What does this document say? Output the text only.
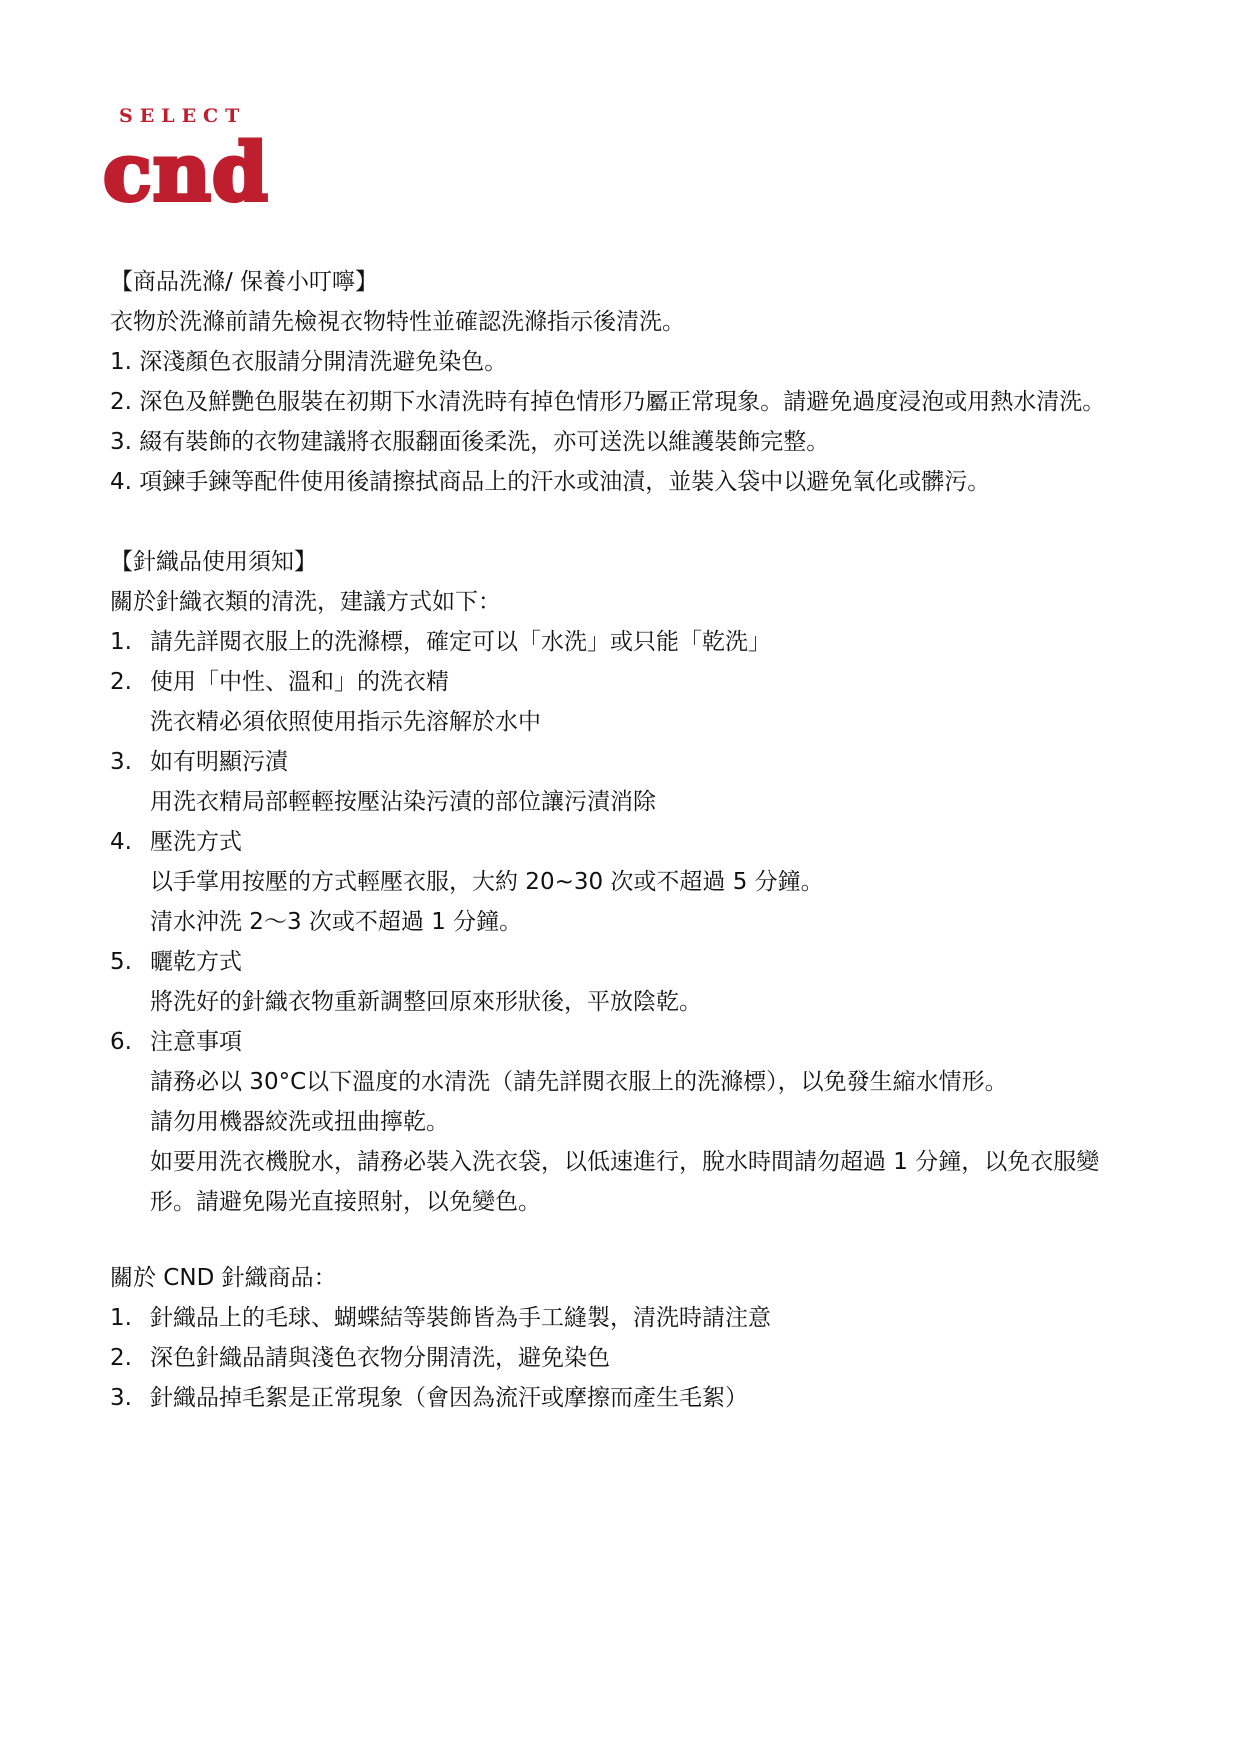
SELECT
cnd

【商品洗滌/ 保養小叮嚀】

衣物於洗滌前請先檢視衣物特性並確認洗滌指示後清洗。

1. 深淺顏色衣服請分開清洗避免染色。

2. 深色及鮮艷色服裝在初期下水清洗時有掉色情形乃屬正常現象。請避免過度浸泡或用熱水清洗。

3. 綴有裝飾的衣物建議將衣服翻面後柔洗，亦可送洗以維護裝飾完整。

4. 項鍊手鍊等配件使用後請擦拭商品上的汗水或油漬，並裝入袋中以避免氧化或髒污。

【針織品使用須知】

關於針織衣類的清洗，建議方式如下：

1. 請先詳閱衣服上的洗滌標，確定可以「水洗」或只能「乾洗」
2. 使用「中性、溫和」的洗衣精
洗衣精必須依照使用指示先溶解於水中
3. 如有明顯污漬
用洗衣精局部輕輕按壓沾染污漬的部位讓污漬消除
4. 壓洗方式
以手掌用按壓的方式輕壓衣服，大約 20~30 次或不超過 5 分鐘。
清水沖洗 2～3 次或不超過 1 分鐘。
5. 曬乾方式
將洗好的針織衣物重新調整回原來形狀後，平放陰乾。
6. 注意事項
請務必以 30°C以下溫度的水清洗（請先詳閱衣服上的洗滌標），以免發生縮水情形。
請勿用機器絞洗或扭曲擰乾。
如要用洗衣機脫水，請務必裝入洗衣袋，以低速進行，脫水時間請勿超過 1 分鐘，以免衣服變形。請避免陽光直接照射，以免變色。

關於 CND 針織商品：

1. 針織品上的毛球、蝴蝶結等裝飾皆為手工縫製，清洗時請注意
2. 深色針織品請與淺色衣物分開清洗，避免染色
3. 針織品掉毛絮是正常現象（會因為流汗或摩擦而產生毛絮）
